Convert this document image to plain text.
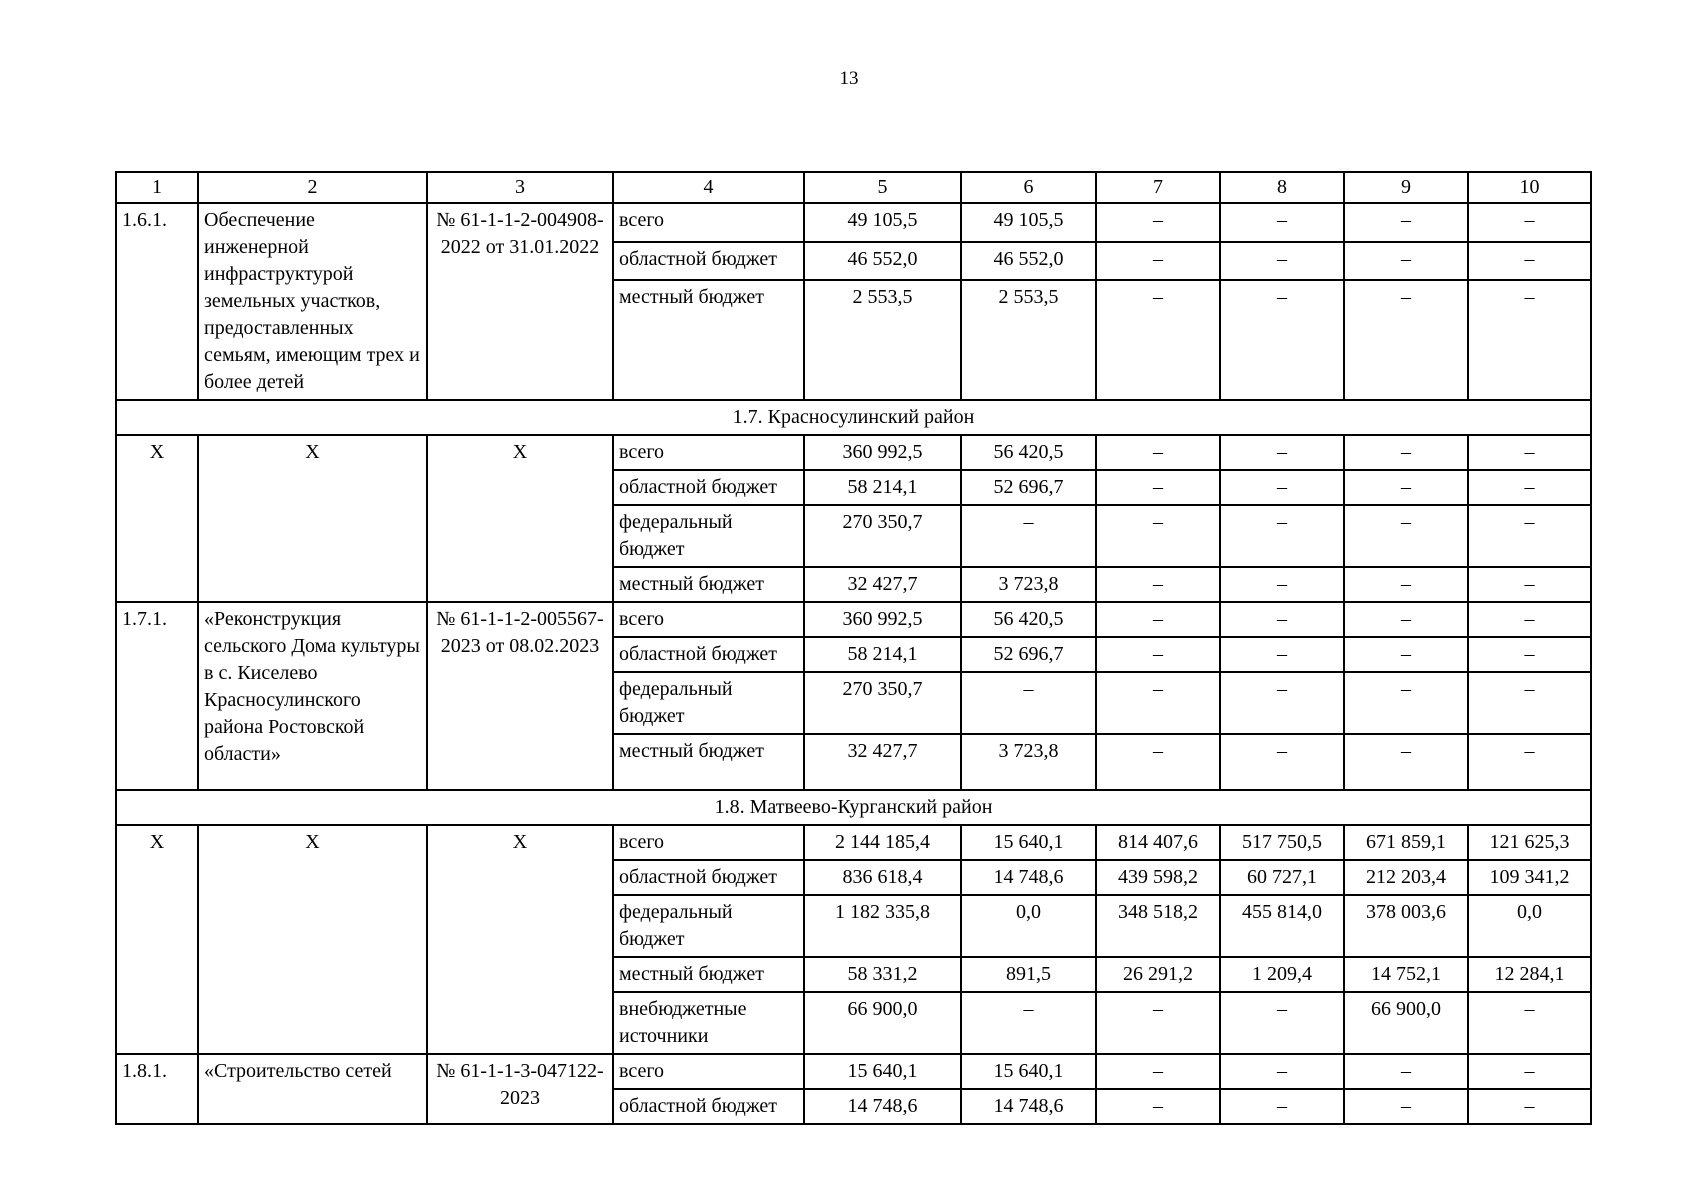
13
1	2	3	4	5	6	7	8	9	10
1.6.1.	Обеспечение инженерной инфраструктурой земельных участков, предоставленных семьям, имеющим трех и более детей	№ 61-1-1-2-004908-2022 от 31.01.2022	всего	49 105,5	49 105,5	–	–	–	–
			областной бюджет	46 552,0	46 552,0	–	–	–	–
			местный бюджет	2 553,5	2 553,5	–	–	–	–
1.7. Красносулинский район									
Х	Х	Х	всего	360 992,5	56 420,5	–	–	–	–
			областной бюджет	58 214,1	52 696,7	–	–	–	–
			федеральный бюджет	270 350,7	–	–	–	–	–
			местный бюджет	32 427,7	3 723,8	–	–	–	–
1.7.1.	«Реконструкция сельского Дома культуры в с. Киселево Красносулинского района Ростовской области»	№ 61-1-1-2-005567-2023 от 08.02.2023	всего	360 992,5	56 420,5	–	–	–	–
			областной бюджет	58 214,1	52 696,7	–	–	–	–
			федеральный бюджет	270 350,7	–	–	–	–	–
			местный бюджет	32 427,7	3 723,8	–	–	–	–
1.8. Матвеево-Курганский район									
Х	Х	Х	всего	2 144 185,4	15 640,1	814 407,6	517 750,5	671 859,1	121 625,3
			областной бюджет	836 618,4	14 748,6	439 598,2	60 727,1	212 203,4	109 341,2
			федеральный бюджет	1 182 335,8	0,0	348 518,2	455 814,0	378 003,6	0,0
			местный бюджет	58 331,2	891,5	26 291,2	1 209,4	14 752,1	12 284,1
			внебюджетные источники	66 900,0	–	–	–	66 900,0	–
1.8.1.	«Строительство сетей	№ 61-1-1-3-047122-2023	всего	15 640,1	15 640,1	–	–	–	–
			областной бюджет	14 748,6	14 748,6	–	–	–	–
